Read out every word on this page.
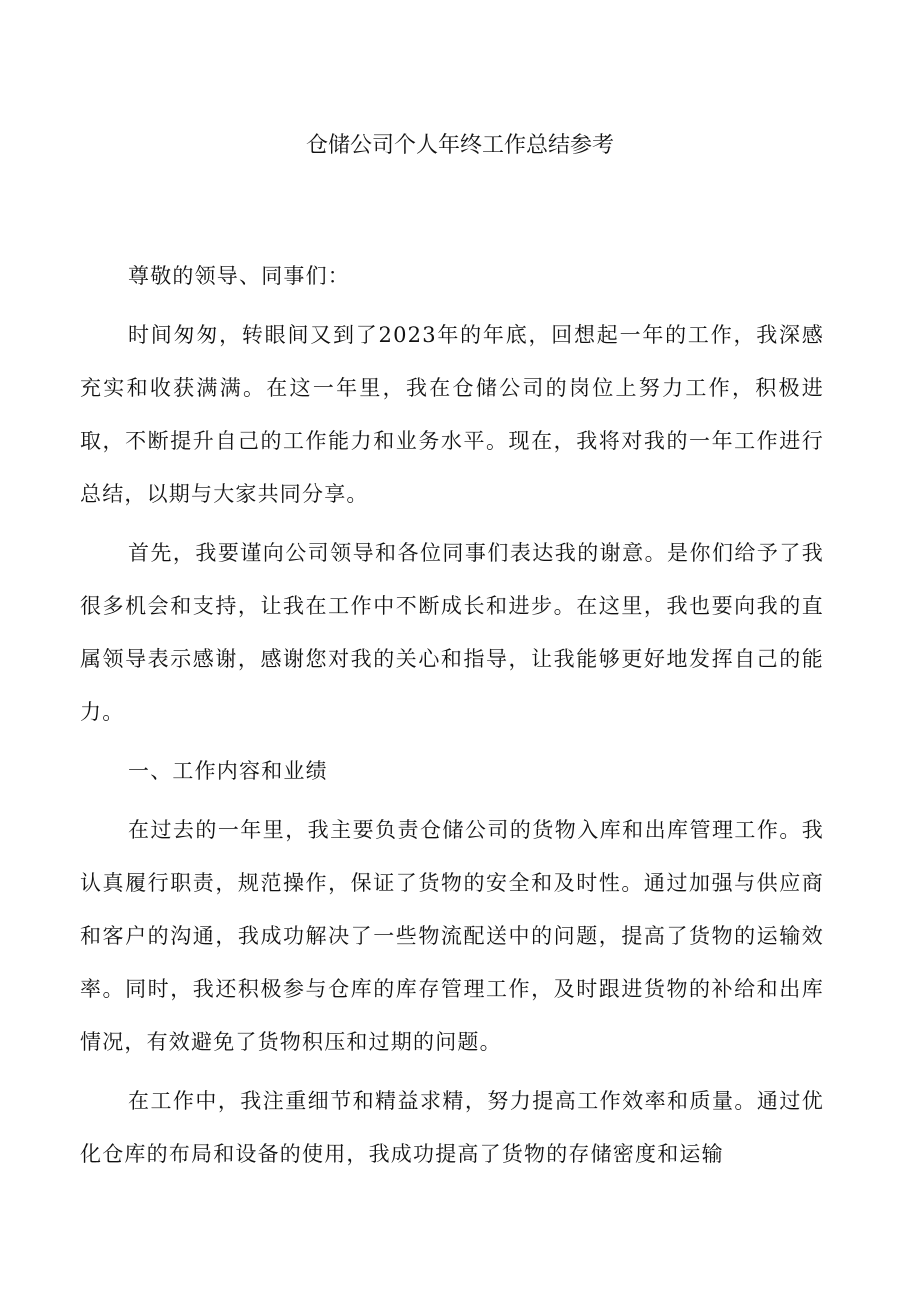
仓储公司个人年终工作总结参考

尊敬的领导、同事们：

时间匆匆，转眼间又到了2023年的年底，回想起一年的工作，我深感充实和收获满满。在这一年里，我在仓储公司的岗位上努力工作，积极进取，不断提升自己的工作能力和业务水平。现在，我将对我的一年工作进行总结，以期与大家共同分享。

首先，我要谨向公司领导和各位同事们表达我的谢意。是你们给予了我很多机会和支持，让我在工作中不断成长和进步。在这里，我也要向我的直属领导表示感谢，感谢您对我的关心和指导，让我能够更好地发挥自己的能力。

一、工作内容和业绩

在过去的一年里，我主要负责仓储公司的货物入库和出库管理工作。我认真履行职责，规范操作，保证了货物的安全和及时性。通过加强与供应商和客户的沟通，我成功解决了一些物流配送中的问题，提高了货物的运输效率。同时，我还积极参与仓库的库存管理工作，及时跟进货物的补给和出库情况，有效避免了货物积压和过期的问题。

在工作中，我注重细节和精益求精，努力提高工作效率和质量。通过优化仓库的布局和设备的使用，我成功提高了货物的存储密度和运输
